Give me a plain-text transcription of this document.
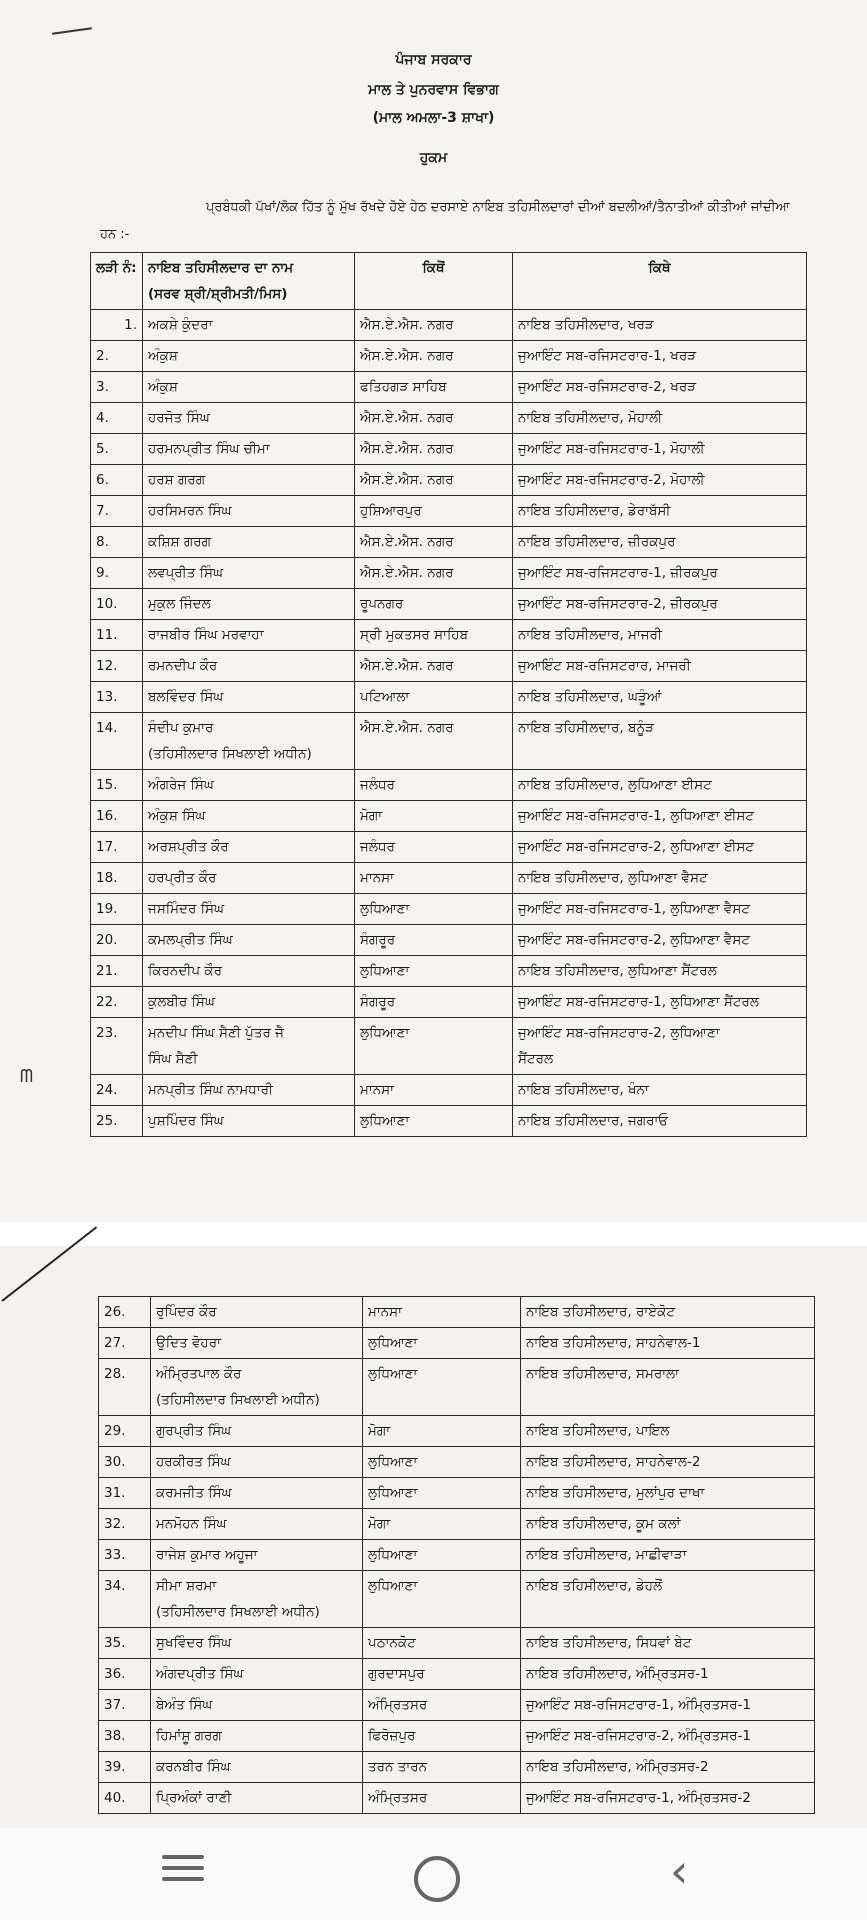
ਪੰਜਾਬ ਸਰਕਾਰ
ਮਾਲ ਤੇ ਪੁਨਰਵਾਸ ਵਿਭਾਗ
(ਮਾਲ ਅਮਲਾ-3 ਸ਼ਾਖਾ)
ਹੁਕਮ
ਪ੍ਰਬੰਧਕੀ ਪੱਖਾਂ/ਲੋਕ ਹਿੱਤ ਨੂੰ ਮੁੱਖ ਰੱਖਦੇ ਹੋਏ ਹੇਠ ਦਰਸਾਏ ਨਾਇਬ ਤਹਿਸੀਲਦਾਰਾਂ ਦੀਆਂ ਬਦਲੀਆਂ/ਤੈਨਾਤੀਆਂ ਕੀਤੀਆਂ ਜਾਂਦੀਆ ਹਨ :-
ਲੜੀ ਨੰ:	ਨਾਇਬ ਤਹਿਸੀਲਦਾਰ ਦਾ ਨਾਮ
(ਸਰਵ ਸ਼੍ਰੀ/ਸ਼੍ਰੀਮਤੀ/ਮਿਸ)	ਕਿਥੋਂ	ਕਿਥੇ
1.	ਅਕਸ਼ੇ ਕੁੰਦਰਾ	ਐਸ.ਏ.ਐਸ. ਨਗਰ	ਨਾਇਬ ਤਹਿਸੀਲਦਾਰ, ਖਰੜ
2.	ਅੰਕੁਸ਼	ਐਸ.ਏ.ਐਸ. ਨਗਰ	ਜੁਆਇੰਟ ਸਬ-ਰਜਿਸਟਰਾਰ-1, ਖਰੜ
3.	ਅੰਕੁਸ਼	ਫਤਿਹਗੜ ਸਾਹਿਬ	ਜੁਆਇੰਟ ਸਬ-ਰਜਿਸਟਰਾਰ-2, ਖਰੜ
4.	ਹਰਜੋਤ ਸਿੰਘ	ਐਸ.ਏ.ਐਸ. ਨਗਰ	ਨਾਇਬ ਤਹਿਸੀਲਦਾਰ, ਮੋਹਾਲੀ
5.	ਹਰਮਨਪ੍ਰੀਤ ਸਿੰਘ ਚੀਮਾ	ਐਸ.ਏ.ਐਸ. ਨਗਰ	ਜੁਆਇੰਟ ਸਬ-ਰਜਿਸਟਰਾਰ-1, ਮੋਹਾਲੀ
6.	ਹਰਸ਼ ਗਰਗ	ਐਸ.ਏ.ਐਸ. ਨਗਰ	ਜੁਆਇੰਟ ਸਬ-ਰਜਿਸਟਰਾਰ-2, ਮੋਹਾਲੀ
7.	ਹਰਸਿਮਰਨ ਸਿੰਘ	ਹੁਸ਼ਿਆਰਪੁਰ	ਨਾਇਬ ਤਹਿਸੀਲਦਾਰ, ਡੇਰਾਬੱਸੀ
8.	ਕਸ਼ਿਸ਼ ਗਰਗ	ਐਸ.ਏ.ਐਸ. ਨਗਰ	ਨਾਇਬ ਤਹਿਸੀਲਦਾਰ, ਜ਼ੀਰਕਪੁਰ
9.	ਲਵਪ੍ਰੀਤ ਸਿੰਘ	ਐਸ.ਏ.ਐਸ. ਨਗਰ	ਜੁਆਇੰਟ ਸਬ-ਰਜਿਸਟਰਾਰ-1, ਜ਼ੀਰਕਪੁਰ
10.	ਮੁਕੁਲ ਜਿੰਦਲ	ਰੂਪਨਗਰ	ਜੁਆਇੰਟ ਸਬ-ਰਜਿਸਟਰਾਰ-2, ਜ਼ੀਰਕਪੁਰ
11.	ਰਾਜਬੀਰ ਸਿੰਘ ਮਰਵਾਹਾ	ਸ੍ਰੀ ਮੁਕਤਸਰ ਸਾਹਿਬ	ਨਾਇਬ ਤਹਿਸੀਲਦਾਰ, ਮਾਜਰੀ
12.	ਰਮਨਦੀਪ ਕੌਰ	ਐਸ.ਏ.ਐਸ. ਨਗਰ	ਜੁਆਇੰਟ ਸਬ-ਰਜਿਸਟਰਾਰ, ਮਾਜਰੀ
13.	ਬਲਵਿੰਦਰ ਸਿੰਘ	ਪਟਿਆਲਾ	ਨਾਇਬ ਤਹਿਸੀਲਦਾਰ, ਘੜੂੰਆਂ
14.	ਸੰਦੀਪ ਕੁਮਾਰ
(ਤਹਿਸੀਲਦਾਰ ਸਿਖਲਾਈ ਅਧੀਨ)	ਐਸ.ਏ.ਐਸ. ਨਗਰ	ਨਾਇਬ ਤਹਿਸੀਲਦਾਰ, ਬਨੂੰੜ
15.	ਅੰਗਰੇਜ ਸਿੰਘ	ਜਲੰਧਰ	ਨਾਇਬ ਤਹਿਸੀਲਦਾਰ, ਲੁਧਿਆਣਾ ਈਸਟ
16.	ਅੰਕੁਸ਼ ਸਿੰਘ	ਮੋਗਾ	ਜੁਆਇੰਟ ਸਬ-ਰਜਿਸਟਰਾਰ-1, ਲੁਧਿਆਣਾ ਈਸਟ
17.	ਅਰਸ਼ਪ੍ਰੀਤ ਕੌਰ	ਜਲੰਧਰ	ਜੁਆਇੰਟ ਸਬ-ਰਜਿਸਟਰਾਰ-2, ਲੁਧਿਆਣਾ ਈਸਟ
18.	ਹਰਪ੍ਰੀਤ ਕੌਰ	ਮਾਨਸਾ	ਨਾਇਬ ਤਹਿਸੀਲਦਾਰ, ਲੁਧਿਆਣਾ ਵੈਸਟ
19.	ਜਸਮਿੰਦਰ ਸਿੰਘ	ਲੁਧਿਆਣਾ	ਜੁਆਇੰਟ ਸਬ-ਰਜਿਸਟਰਾਰ-1, ਲੁਧਿਆਣਾ ਵੈਸਟ
20.	ਕਮਲਪ੍ਰੀਤ ਸਿੰਘ	ਸੰਗਰੂਰ	ਜੁਆਇੰਟ ਸਬ-ਰਜਿਸਟਰਾਰ-2, ਲੁਧਿਆਣਾ ਵੈਸਟ
21.	ਕਿਰਨਦੀਪ ਕੌਰ	ਲੁਧਿਆਣਾ	ਨਾਇਬ ਤਹਿਸੀਲਦਾਰ, ਲੁਧਿਆਣਾ ਸੈਂਟਰਲ
22.	ਕੁਲਬੀਰ ਸਿੰਘ	ਸੰਗਰੂਰ	ਜੁਆਇੰਟ ਸਬ-ਰਜਿਸਟਰਾਰ-1, ਲੁਧਿਆਣਾ ਸੈਂਟਰਲ
23.	ਮਨਦੀਪ ਸਿੰਘ ਸੈਣੀ ਪੁੱਤਰ ਜੈ
ਸਿੰਘ ਸੈਣੀ	ਲੁਧਿਆਣਾ	ਜੁਆਇੰਟ ਸਬ-ਰਜਿਸਟਰਾਰ-2, ਲੁਧਿਆਣਾ
ਸੈਂਟਰਲ
24.	ਮਨਪ੍ਰੀਤ ਸਿੰਘ ਨਾਮਧਾਰੀ	ਮਾਨਸਾ	ਨਾਇਬ ਤਹਿਸੀਲਦਾਰ, ਖੰਨਾ
25.	ਪੁਸ਼ਪਿੰਦਰ ਸਿੰਘ	ਲੁਧਿਆਣਾ	ਨਾਇਬ ਤਹਿਸੀਲਦਾਰ, ਜਗਰਾਓ
ᗰ
26.	ਰੁਪਿੰਦਰ ਕੌਰ	ਮਾਨਸਾ	ਨਾਇਬ ਤਹਿਸੀਲਦਾਰ, ਰਾਏਕੋਟ
27.	ਉਦਿਤ ਵੋਹਰਾ	ਲੁਧਿਆਣਾ	ਨਾਇਬ ਤਹਿਸੀਲਦਾਰ, ਸਾਹਨੇਵਾਲ-1
28.	ਅੰਮ੍ਰਿਤਪਾਲ ਕੌਰ
(ਤਹਿਸੀਲਦਾਰ ਸਿਖਲਾਈ ਅਧੀਨ)	ਲੁਧਿਆਣਾ	ਨਾਇਬ ਤਹਿਸੀਲਦਾਰ, ਸਮਰਾਲਾ
29.	ਗੁਰਪ੍ਰੀਤ ਸਿੰਘ	ਮੋਗਾ	ਨਾਇਬ ਤਹਿਸੀਲਦਾਰ, ਪਾਇਲ
30.	ਹਰਕੀਰਤ ਸਿੰਘ	ਲੁਧਿਆਣਾ	ਨਾਇਬ ਤਹਿਸੀਲਦਾਰ, ਸਾਹਨੇਵਾਲ-2
31.	ਕਰਮਜੀਤ ਸਿੰਘ	ਲੁਧਿਆਣਾ	ਨਾਇਬ ਤਹਿਸੀਲਦਾਰ, ਮੁਲਾਂਪੁਰ ਦਾਖਾ
32.	ਮਨਮੋਹਨ ਸਿੰਘ	ਮੋਗਾ	ਨਾਇਬ ਤਹਿਸੀਲਦਾਰ, ਕੂਮ ਕਲਾਂ
33.	ਰਾਜੇਸ਼ ਕੁਮਾਰ ਅਹੂਜਾ	ਲੁਧਿਆਣਾ	ਨਾਇਬ ਤਹਿਸੀਲਦਾਰ, ਮਾਛੀਵਾੜਾ
34.	ਸੀਮਾ ਸ਼ਰਮਾ
(ਤਹਿਸੀਲਦਾਰ ਸਿਖਲਾਈ ਅਧੀਨ)	ਲੁਧਿਆਣਾ	ਨਾਇਬ ਤਹਿਸੀਲਦਾਰ, ਡੇਹਲੋਂ
35.	ਸੁਖਵਿੰਦਰ ਸਿੰਘ	ਪਠਾਨਕੋਟ	ਨਾਇਬ ਤਹਿਸੀਲਦਾਰ, ਸਿਧਵਾਂ ਬੇਟ
36.	ਅੰਗਦਪ੍ਰੀਤ ਸਿੰਘ	ਗੁਰਦਾਸਪੁਰ	ਨਾਇਬ ਤਹਿਸੀਲਦਾਰ, ਅੰਮ੍ਰਿਤਸਰ-1
37.	ਬੇਅੰਤ ਸਿੰਘ	ਅੰਮ੍ਰਿਤਸਰ	ਜੁਆਇੰਟ ਸਬ-ਰਜਿਸਟਰਾਰ-1, ਅੰਮ੍ਰਿਤਸਰ-1
38.	ਹਿਮਾਂਸ਼ੂ ਗਰਗ	ਫਿਰੋਜ਼ਪੁਰ	ਜੁਆਇੰਟ ਸਬ-ਰਜਿਸਟਰਾਰ-2, ਅੰਮ੍ਰਿਤਸਰ-1
39.	ਕਰਨਬੀਰ ਸਿੰਘ	ਤਰਨ ਤਾਰਨ	ਨਾਇਬ ਤਹਿਸੀਲਦਾਰ, ਅੰਮ੍ਰਿਤਸਰ-2
40.	ਪ੍ਰਿਅੰਕਾਂ ਰਾਣੀ	ਅੰਮ੍ਰਿਤਸਰ	ਜੁਆਇੰਟ ਸਬ-ਰਜਿਸਟਰਾਰ-1, ਅੰਮ੍ਰਿਤਸਰ-2
‹
